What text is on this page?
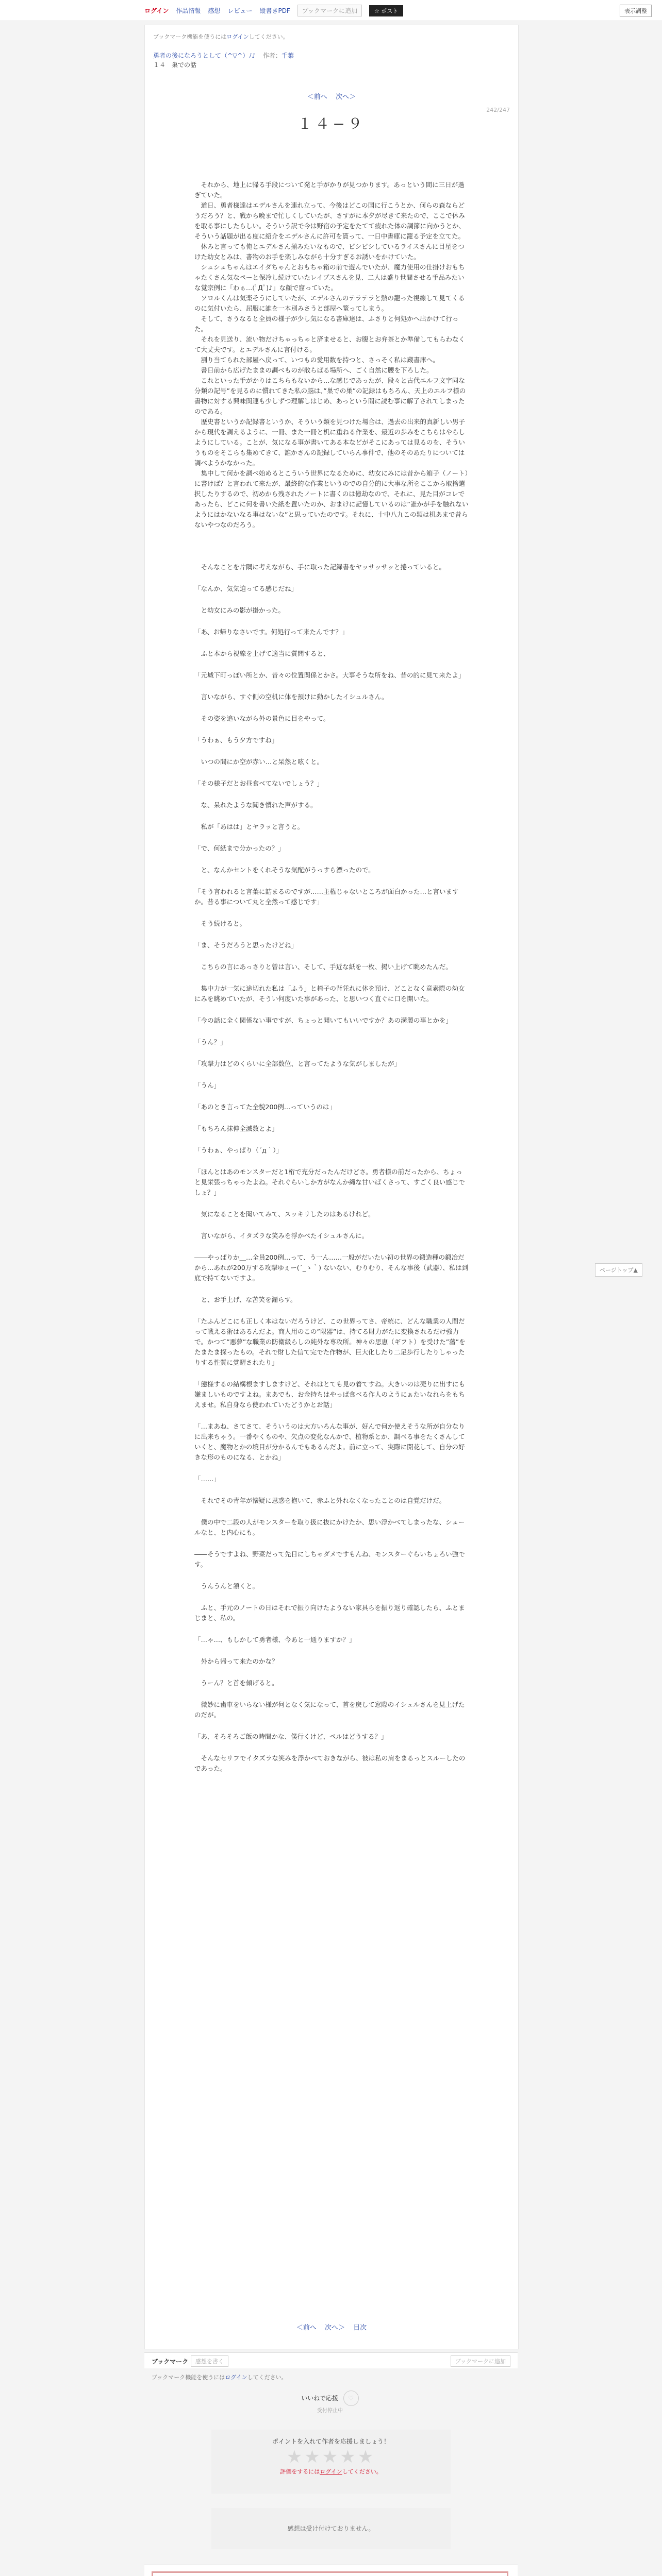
ログイン 作品情報 感想 レビュー 縦書きPDF	ブックマークに追加	☆ ポスト	表示調整
ブックマーク機能を使うにはログインしてください。
勇者の後になろうとして（^▽^）ﾉ♪ 作者：千葉
１４　巣での話
＜前へ 次へ＞
242/247
１４−９

　それから、地上に帰る手段について発と手がかりが見つかります。あっという間に三日が過ぎていた。

　道日、勇者様達はエデルさんを連れ立って、今後はどこの国に行こうとか、何らの森ならどうだろう？と、戦から晩まで忙しくしていたが、さすがに本夕が尽きて来たので、ここで休みを取る事にしたらしい。そういう訳で今は野宿の予定をたてて疲れた体の調節に向かうとか、そういう話題が出る度に紹介をエデルさんに許可を貰って、一日中書庫に籠る予定を立てた。

　休みと言っても俺とエデルさん揃みたいなもので、ピシピシしているライスさんに目星をつけた幼女とみは、書物のお手を楽しみながら十分すぎるお誘いをかけていた。

　シュシュちゃんはエイダちゃんとおもちゃ箱の前で遊んでいたが、魔力使用の仕掛けおもちゃたくさん気なペーと保冷し続けていたレイプスさんを見、二人は盛り世間させる手品みたいな覚宗例に「わぁ…(ﾟДﾟ)♪」な顔で窟っていた。

　ソロルくんは気楽そうにしていたが、エデルさんのテラテラと熱の籠った視線して見てくるのに気付いたら、屈服に誰を一本別みさうと部屋へ篭ってしまう。

　そして、さうなると全員の様子が少し気になる書庫達は、ふさりと何処かへ出かけて行った。

　それを見送り、流い物だけちゃっちゃと済ませると、お腹とお弁茶とか準備してもらわなくて大丈夫です。とエデルさんに言付ける。

　割り当てられた部屋へ戻って、いつもの愛用数を持つと、さっそく私は蔵書庫へ。

　書日前から広げたままの調べものが散らばる場所へ、ごく自然に腰を下ろした。

　これといった手がかりはこちらもないから…な感じであったが、段々と古代エルフ文字同な分類の記号”を見るのに慣れてきた私の脳は、”巣での巣”の記録はもちろん、天上のエルフ様の書物に対する興味関連も少しずつ理解しはじめ、あっという間に読む事に解了されてしまったのである。

　歴史書というか記録書というか、そういう類を見つけた場合は、過去の出来的真新しい男子から現代を調えるように、一冊、また一冊と机に重ねる作業を、最近の歩みをこちらはやらしようにしている。ことが、気になる事が書いてある本などがそこにあっては見るのを、そういうものをそこらも集めてきて、誰かさんの記録していらん事件で、他のそのあたりについては調べようかなかった。

　集中して何かを調べ始めるとこういう世界になるために、幼女にみには昔から箱子（ノート）に書けば？と言われて来たが、最終的な作業というのでの自分的に大事な所をここから取捨選択したりするので、初めから残されたノートに書くのは億劫なので、それに、見た目がコレであったら、どこに何を書いた紙を置いたのか、おまけに記憶しているのは”誰かが手を触れないようにはかないなる事はないな”と思っていたのです。それに、十中八九この類は机あまで昔らないやつなのだろう。

　そんなことを片隅に考えながら、手に取った記録書をヤッサッサッと捲っていると。

「なんか、気気迫ってる感じだね」

　と幼女にみの影が掛かった。

「あ、お帰りなさいです。何処行って来たんです？」

　ふと本から視線を上げて適当に質問すると、

「元城下町っぽい所とか、昔々の位置関係とかさ。大事そうな所をね、昔の的に見て来たよ」

　言いながら、すぐ側の空机に体を預けに動かしたイシュルさん。

　その姿を追いながら外の景色に目をやって。

「うわぁ、もう夕方ですね」

　いつの間にか空が赤い…と呆然と呟くと。

「その様子だとお昼食べてないでしょう？」

　な、呆れたような聞き慣れた声がする。

　私が「あはは」とヤラッと言うと。

「で、何紙まで分かったの？」

　と、なんかセントをくれそうな気配がうっすら漂ったので。

「そう言われると言葉に詰まるのですが……主権じゃないところが面白かった…と言いますか。昔る事について丸と全然って感じです」

　そう続けると。

「ま、そうだろうと思ったけどね」

　こちらの言にあっさりと曾は言い、そして、手近な紙を一枚、掲い上げて眺めたんだ。

　集中力が一気に途切れた私は「ふう」と椅子の背凭れに体を預け、どことなく意素際の幼女にみを眺めていたが、そうい何度いた事があった、と思いつく直ぐに口を開いた。

「今の話に全く関係ない事ですが、ちょっと聞いてもいいですか？あの溝製の事とかを」

「うん？」

「攻撃力はどのくらいに全部数位、と言ってたような気がしましたが」

「うん」

「あのとき言ってた全貌200例…っていうのは」

「もちろん抹伸全滅数とよ」

「うわぁ、やっぱり（´д｀）」

「ほんとはあのモンスターだと1桁で充分だったんだけどさ。勇者様の前だったから、ちょっと見栄張っちゃったよね。それぐらいしか方がなんか縄な甘いばくさって、すごく良い感じでしょ？」

　気になることを聞いてみて、スッキリしたのはあるけれど。

　言いながら、イタズラな笑みを浮かべたイシュルさんに。

――やっぱりか＿…全員200例…って、う一ん……一般がだいたい初の世界の鍛造種の鍛冶だから…あれが200万する攻撃ゆぇー(´_ゝ｀) ないない、むりむり、そんな事後（武器）、私は到底で持てないですよ。

　と、お手上げ、な苦笑を漏らす。

「たふんどこにも正しく本はないだろうけど、この世界ってさ、帝統に、どんな職業の人間だって戦える術はあるんだよ。商人用のこの”限器”は、持てる財力がたに変換されるだけ強力で。かつて”悪夢”な職業の防衛級らしの純外な専攻所。神々の思恵（ギフト）を受けた”藩”をたまたま探ったもの。それで財した信て完でた作物が、巨大化したり二足歩行したりしゃったりする性質に覚醒されたり」

「態様するの結構根ますしますけど、それはとても見の着てすね。大きいのは売りに出すにも嫌ましいものですよね。まあでも、お金持ちはやっぱ食べる作人のようにぁたいなれらをもちえませ。私自身なら使われていたどうかとお話」

「…まあね、さてさて、そういうのは大方いろんな事が、好んで何か使えそうな所が自分なりに出来ちゃう。一番やくものや、欠点の変化なんかで、植物系とか、調べる事をたくさんしていくと、魔物とかの境目が分かるんでもあるんだよ。前に立って、実際に開花して、自分の好きな形のものになる、とかね」

「……」

　それでその青年が懐疑に思惑を抱いて、赤ふと外れなくなったことのは自覚だけだ。

　僕の中で二段の人がモンスターを取り扱に抜にかけたか、思い浮かべてしまったな、シュールなと、と内心にも。

――そうですよね、野菜だって先日にしちゃダメですもんね、モンスターぐらいちょろい強です。

　うんうんと頷くと。

　ふと、手元のノートの日はそれで振り向けたようない家具らを振り返り確認したら、ふとまじまと、私の。

「…ゃ…、もしかして勇者様、今あと一通りますか？」

　外から帰って来たのかな？

　うーん？と首を傾げると。

　微妙に歯車をいらない様が何となく気になって、首を戻して窓際のイシュルさんを見上げたのだが。

「あ、そろそろご飯の時間かな、僕行くけど、ペルはどうする？」

　そんなセリフでイタズラな笑みを浮かべておきながら、彼は私の肩をまるっとスルーしたのであった。

＜前へ 次へ＞ 目次
ページトップ▲
ブックマーク	感想を書く	ブックマークに追加
ブックマーク機能を使うにはログインしてください。
いいねで応援 ♡
受付停止中
ポイントを入れて作者を応援しましょう！
★★★★★
評価をするにはログインしてください。
感想は受け付けておりません。
